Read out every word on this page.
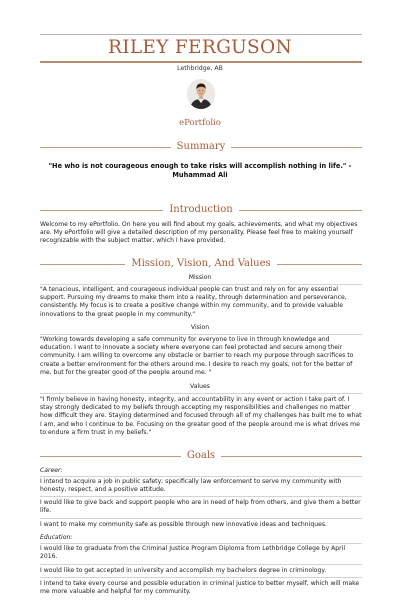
RILEY FERGUSON
Lethbridge, AB
ePortfolio
Summary
"He who is not courageous enough to take risks will accomplish nothing in life." -Muhammad Ali
Introduction
Welcome to my ePortfolio. On here you will find about my goals, achievements, and what my objectives are. My ePortfolio will give a detailed description of my personality. Please feel free to making yourself recognizable with the subject matter, which I have provided.
Mission, Vision, And Values
Mission
"A tenacious, intelligent, and courageous individual people can trust and rely on for any essential support. Pursuing my dreams to make them into a reality, through determination and perseverance, consistently. My focus is to create a positive change within my community, and to provide valuable innovations to the great people in my community."
Vision
"Working towards developing a safe community for everyone to live in through knowledge and education. I want to innovate a society where everyone can feel protected and secure among their community. I am willing to overcome any obstacle or barrier to reach my purpose through sacrifices to create a better environment for the others around me. I desire to reach my goals, not for the better of me, but for the greater good of the people around me. "
Values
"I firmly believe in having honesty, integrity, and accountability in any event or action I take part of. I stay strongly dedicated to my beliefs through accepting my responsibilities and challenges no matter how difficult they are. Staying determined and focused through all of my challenges has built me to what I am, and who I continue to be. Focusing on the greater good of the people around me is what drives me to endure a firm trust in my beliefs."
Goals
Career:
I intend to acquire a job in public safety; specifically law enforcement to serve my community with honesty, respect, and a positive attitude.
I would like to give back and support people who are in need of help from others, and give them a better life.
I want to make my community safe as possible through new innovative ideas and techniques.
Education:
I would like to graduate from the Criminal Justice Program Diploma from Lethbridge College by April 2016.
I would like to get accepted in university and accomplish my bachelors degree in criminology.
I intend to take every course and possible education in criminal justice to better myself, which will make me more valuable and helpful for my community.
